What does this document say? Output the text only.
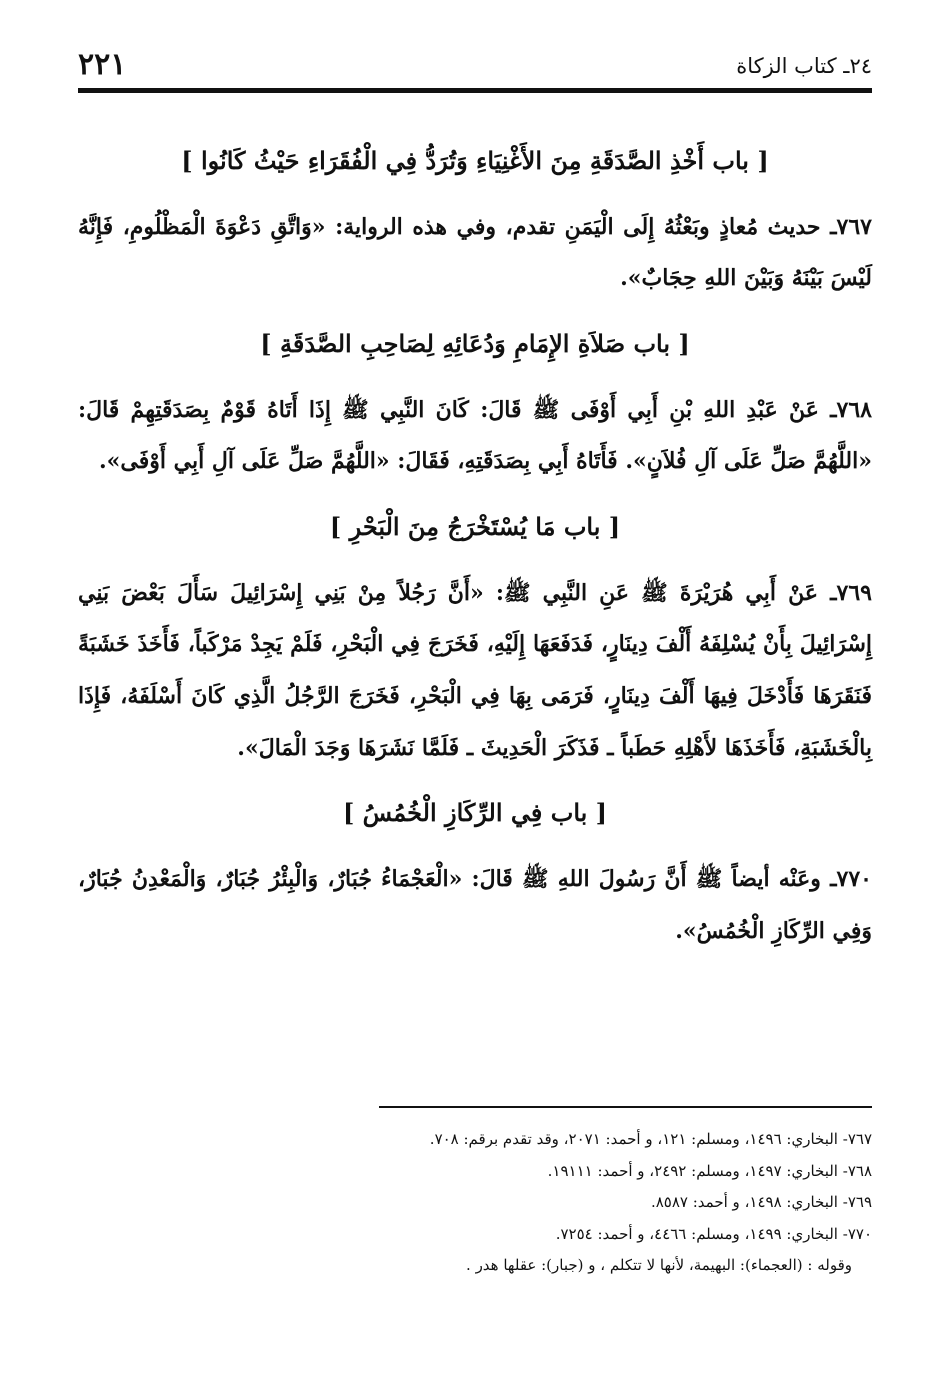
٢٢١	٢٤ـ كتاب الزكاة
[ باب أَخْذِ الصَّدَقَةِ مِنَ الأَغْنِيَاءِ وَتُرَدُّ فِي الْفُقَرَاءِ حَيْثُ كَانُوا ]

٧٦٧ـ حديث مُعاذٍ وبَعْثُهُ إِلَى الْيَمَنِ تقدم، وفي هذه الرواية: «وَاتَّقِ دَعْوَةَ الْمَظْلُومِ، فَإِنَّهُ لَيْسَ بَيْنَهُ وَبَيْنَ اللهِ حِجَابٌ».

[ باب صَلاَةِ الإِمَامِ وَدُعَائِهِ لِصَاحِبِ الصَّدَقَةِ ]

٧٦٨ـ عَنْ عَبْدِ اللهِ بْنِ أَبِي أَوْفَى ﷺ قَالَ: كَانَ النَّبِي ﷺ إِذَا أَتَاهُ قَوْمٌ بِصَدَقَتِهِمْ قَالَ: «اللَّهُمَّ صَلِّ عَلَى آلِ فُلاَنٍ». فَأَتَاهُ أَبِي بِصَدَقَتِهِ، فَقَالَ: «اللَّهُمَّ صَلِّ عَلَى آلِ أَبِي أَوْفَى».

[ باب مَا يُسْتَخْرَجُ مِنَ الْبَحْرِ ]

٧٦٩ـ عَنْ أَبِي هُرَيْرَةَ ﷺ عَنِ النَّبِي ﷺ: «أَنَّ رَجُلاً مِنْ بَنِي إِسْرَائِيلَ سَأَلَ بَعْضَ بَنِي إِسْرَائِيلَ بِأَنْ يُسْلِفَهُ أَلْفَ دِينَارٍ، فَدَفَعَهَا إِلَيْهِ، فَخَرَجَ فِي الْبَحْرِ، فَلَمْ يَجِدْ مَرْكَباً، فَأَخَذَ خَشَبَةً فَنَقَرَهَا فَأَدْخَلَ فِيهَا أَلْفَ دِينَارٍ، فَرَمَى بِهَا فِي الْبَحْرِ، فَخَرَجَ الرَّجُلُ الَّذِي كَانَ أَسْلَفَهُ، فَإِذَا بِالْخَشَبَةِ، فَأَخَذَهَا لأَهْلِهِ حَطَباً ـ فَذَكَرَ الْحَدِيثَ ـ فَلَمَّا نَشَرَهَا وَجَدَ الْمَالَ».

[ باب فِي الرِّكَازِ الْخُمُسُ ]

٧٧٠ـ وعَنْه أيضاً ﷺ أَنَّ رَسُولَ اللهِ ﷺ قَالَ: «الْعَجْمَاءُ جُبَارٌ، وَالْبِئْرُ جُبَارٌ، وَالْمَعْدِنُ جُبَارٌ، وَفِي الرِّكَازِ الْخُمُسُ».

٧٦٧- البخاري: ١٤٩٦، ومسلم: ١٢١، و أحمد: ٢٠٧١، وقد تقدم برقم: ٧٠٨.

٧٦٨- البخاري: ١٤٩٧، ومسلم: ٢٤٩٢، و أحمد: ١٩١١١.

٧٦٩- البخاري: ١٤٩٨، و أحمد: ٨٥٨٧.

٧٧٠- البخاري: ١٤٩٩، ومسلم: ٤٤٦٦، و أحمد: ٧٢٥٤.

وقوله : (العجماء): البهيمة، لأنها لا تتكلم ، و (جبار): عقلها هدر .
